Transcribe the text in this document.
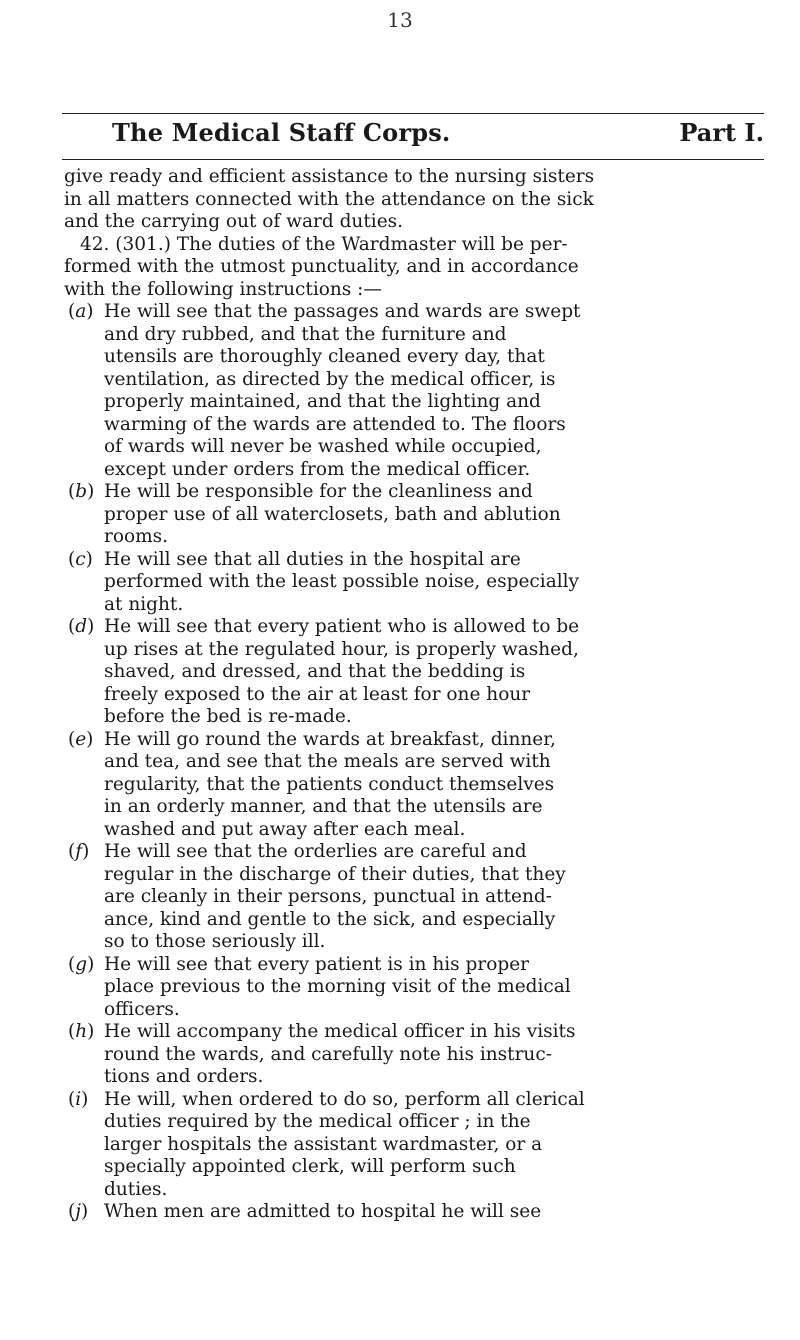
13
The Medical Staff Corps.	Part I.

give ready and efficient assistance to the nursing sisters
in all matters connected with the attendance on the sick
and the carrying out of ward duties.

42. (301.) The duties of the Wardmaster will be per-
formed with the utmost punctuality, and in accordance
with the following instructions :—

(a) He will see that the passages and wards are swept
and dry rubbed, and that the furniture and
utensils are thoroughly cleaned every day, that
ventilation, as directed by the medical officer, is
properly maintained, and that the lighting and
warming of the wards are attended to. The floors
of wards will never be washed while occupied,
except under orders from the medical officer.
(b) He will be responsible for the cleanliness and
proper use of all waterclosets, bath and ablution
rooms.
(c) He will see that all duties in the hospital are
performed with the least possible noise, especially
at night.
(d) He will see that every patient who is allowed to be
up rises at the regulated hour, is properly washed,
shaved, and dressed, and that the bedding is
freely exposed to the air at least for one hour
before the bed is re-made.
(e) He will go round the wards at breakfast, dinner,
and tea, and see that the meals are served with
regularity, that the patients conduct themselves
in an orderly manner, and that the utensils are
washed and put away after each meal.
(f) He will see that the orderlies are careful and
regular in the discharge of their duties, that they
are cleanly in their persons, punctual in attend-
ance, kind and gentle to the sick, and especially
so to those seriously ill.
(g) He will see that every patient is in his proper
place previous to the morning visit of the medical
officers.
(h) He will accompany the medical officer in his visits
round the wards, and carefully note his instruc-
tions and orders.
(i) He will, when ordered to do so, perform all clerical
duties required by the medical officer ; in the
larger hospitals the assistant wardmaster, or a
specially appointed clerk, will perform such
duties.
(j) When men are admitted to hospital he will see
